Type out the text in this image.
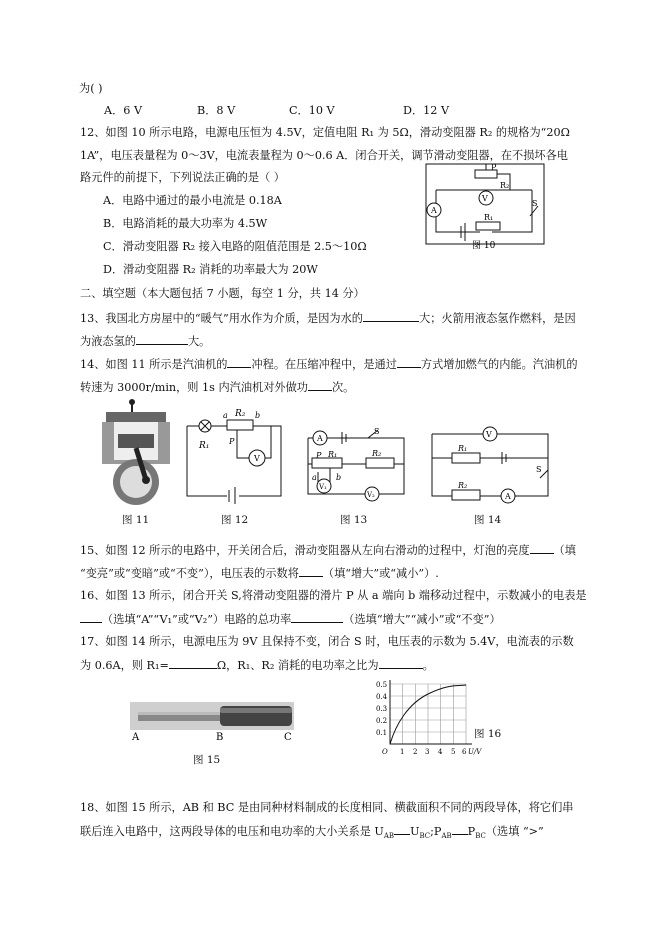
为( )
A．6 V	B．8 V	C．10 V	D．12 V
12、如图 10 所示电路，电源电压恒为 4.5V，定值电阻 R₁ 为 5Ω，滑动变阻器 R₂ 的规格为“20Ω
1A”，电压表量程为 0～3V，电流表量程为 0～0.6 A．闭合开关，调节滑动变阻器，在不损坏各电
路元件的前提下，下列说法正确的是（ ）
A．电路中通过的最小电流是 0.18A
B．电路消耗的最大功率为 4.5W
C．滑动变阻器 R₂ 接入电路的阻值范围是 2.5～10Ω
D．滑动变阻器 R₂ 消耗的功率最大为 20W
P
R₂
V
A
R₁
S
图 10
二、填空题（本大题包括 7 小题，每空 1 分，共 14 分）
13、我国北方房屋中的“暖气”用水作为介质，是因为水的	大；火箭用液态氢作燃料，是因
为液态氢的	大。
14、如图 11 所示是汽油机的 冲程。在压缩冲程中，是通过 方式增加燃气的内能。汽油机的
转速为 3000r/min，则 1s 内汽油机对外做功 次。
图 11
a R₂ b
P
V
R₁
图 12
A
S
P R₁	R₂
a b
V₁
V₂
图 13
V
R₁
R₂
A
S
图 14
15、如图 12 所示的电路中，开关闭合后，滑动变阻器从左向右滑动的过程中，灯泡的亮度 （填
“变亮”或“变暗”或“不变”），电压表的示数将 （填“增大”或“减小”）.
16、如图 13 所示，闭合开关 S,将滑动变阻器的滑片 P 从 a 端向 b 端移动过程中，示数减小的电表是
（选填“A”“V₁”或“V₂”）电路的总功率	（选填“增大”“减小”或“不变”）
17、如图 14 所示，电源电压为 9V 且保持不变，闭合 S 时，电压表的示数为 5.4V，电流表的示数
为 0.6A，则 R₁=	Ω，R₁、R₂ 消耗的电功率之比为	。
A	B	C
图 15
0.5
0.4
0.3
0.2
0.1
O 1 2 3 4 5 6 U/V
图 16
18、如图 15 所示，AB 和 BC 是由同种材料制成的长度相同、横截面积不同的两段导体，将它们串
联后连入电路中，这两段导体的电压和电功率的大小关系是 $U_{AB}$ $U_{BC};P_{AB}$ $P_{BC}$（选填 “>”
